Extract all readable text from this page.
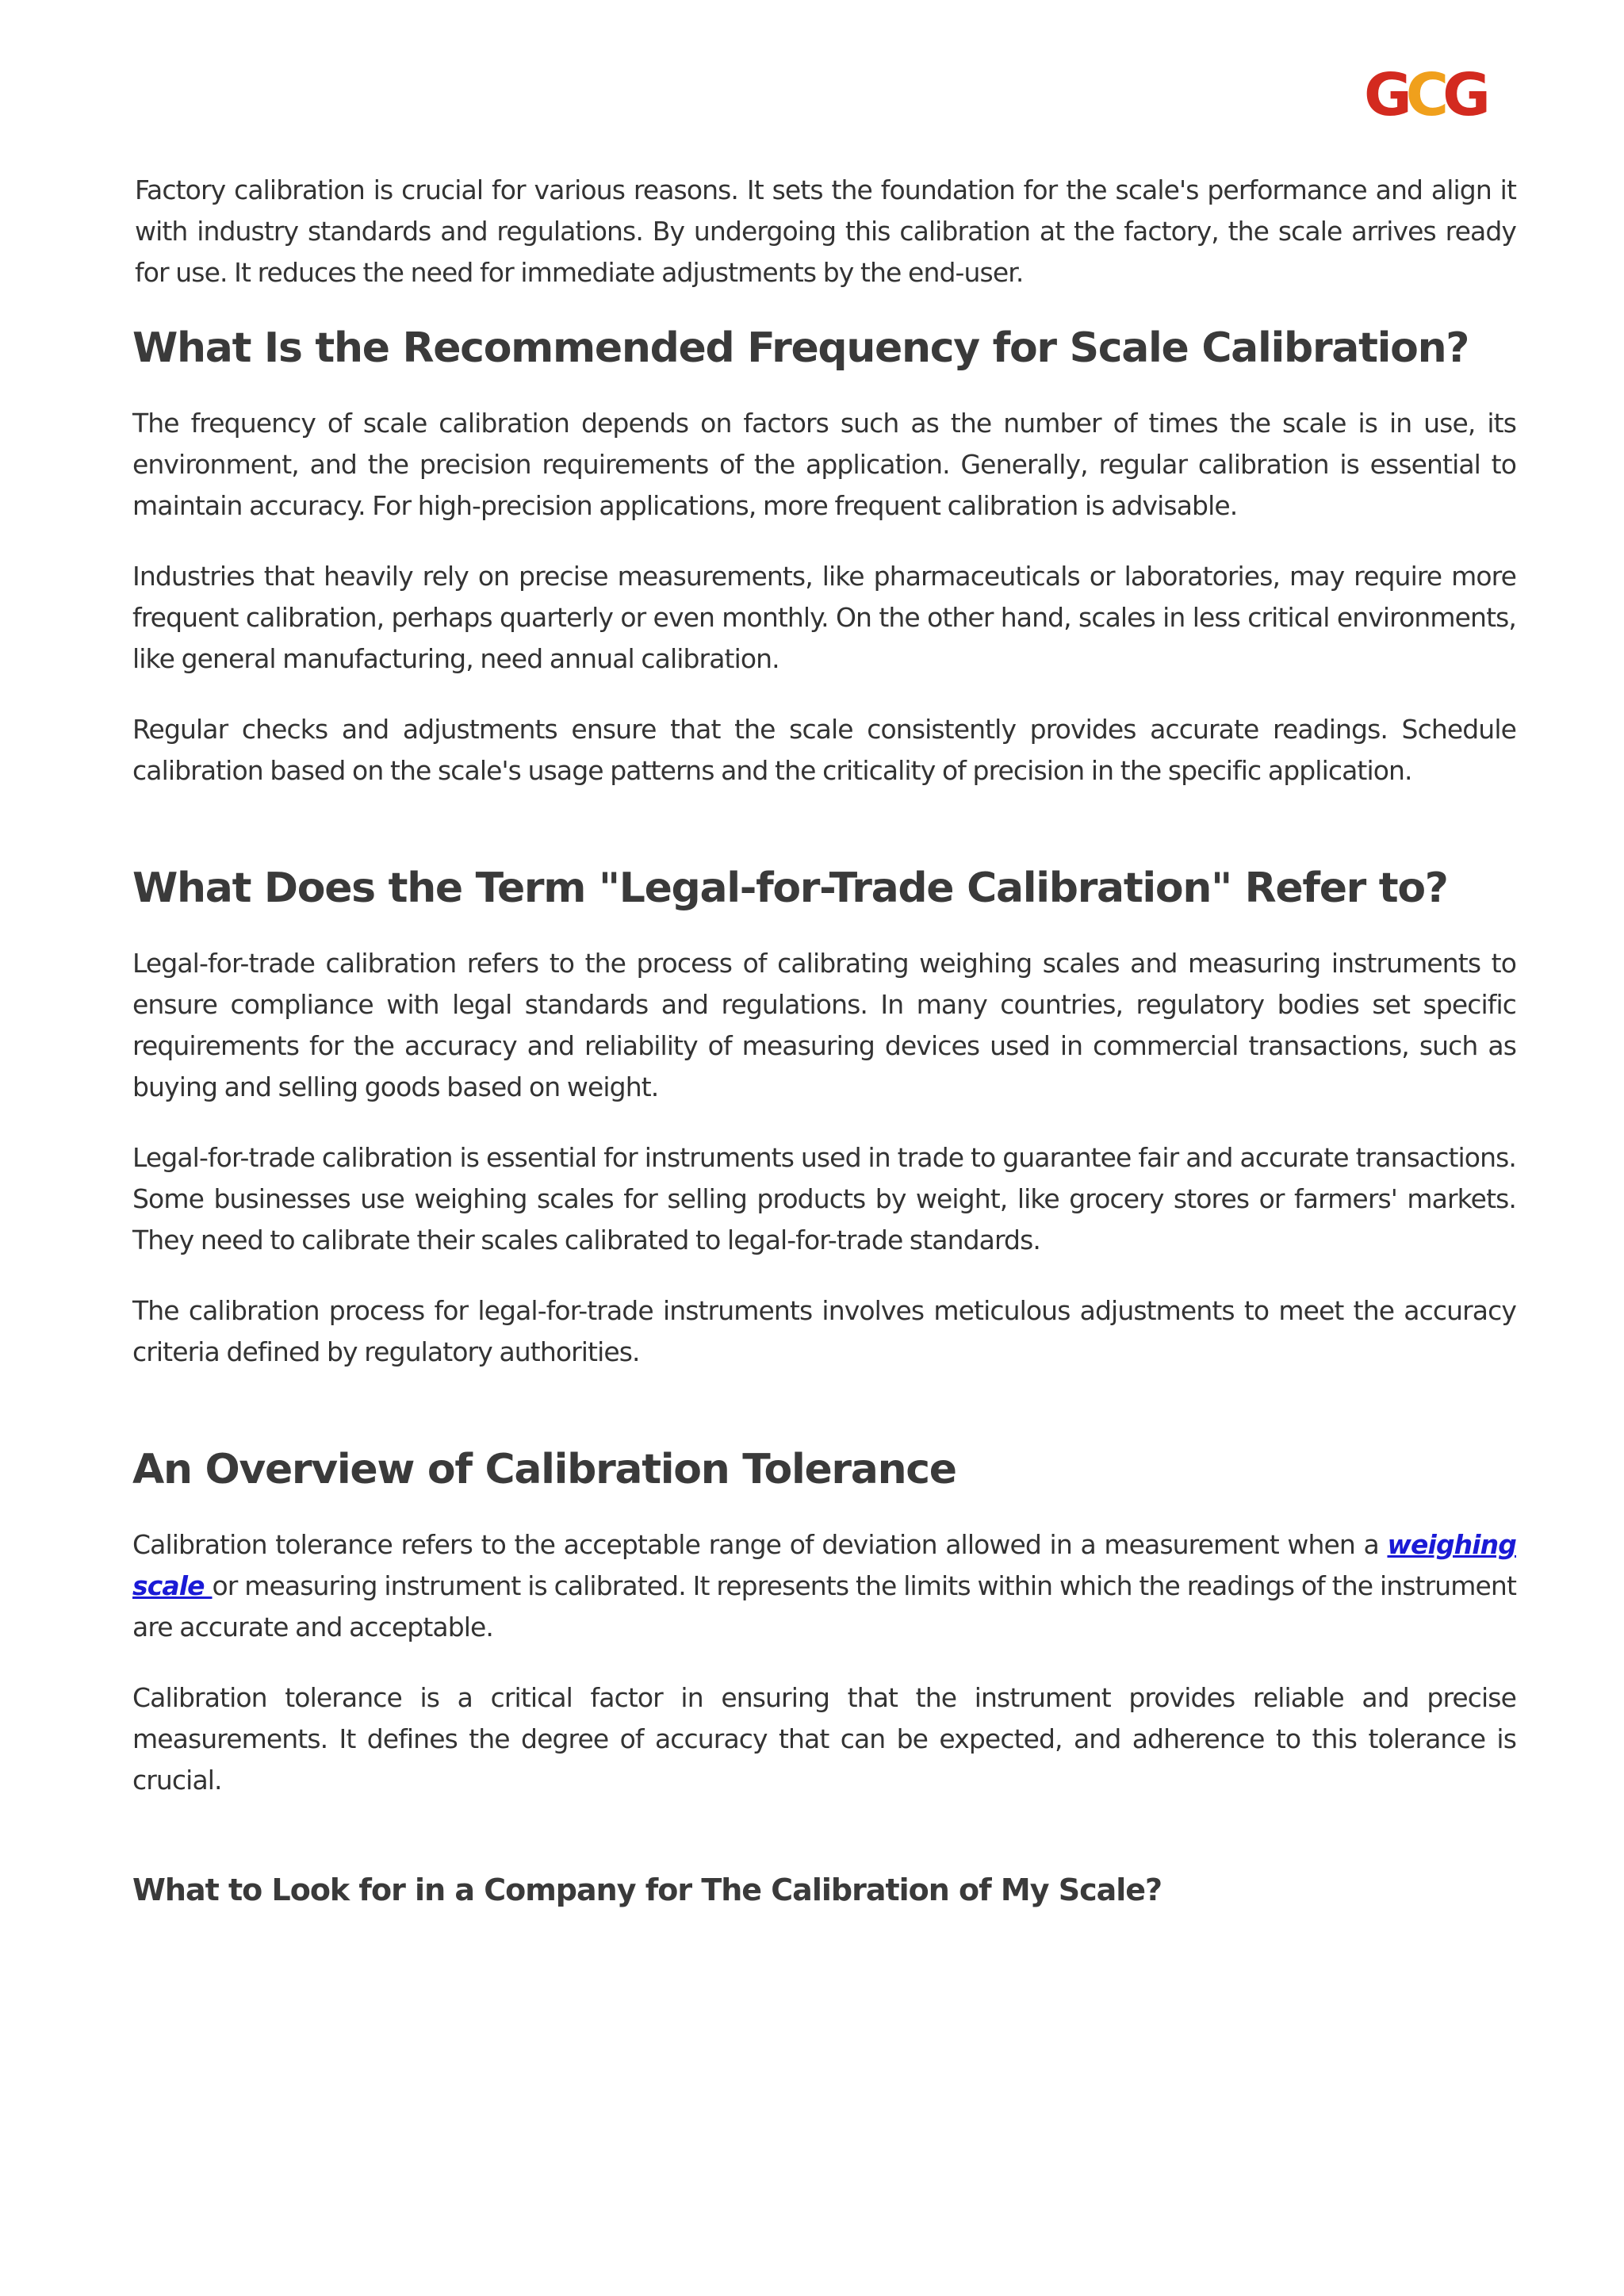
G
C
G

Factory calibration is crucial for various reasons. It sets the foundation for the scale's performance and align it with industry standards and regulations. By undergoing this calibration at the factory, the scale arrives ready for use. It reduces the need for immediate adjustments by the end-user.

What Is the Recommended Frequency for Scale Calibration?

The frequency of scale calibration depends on factors such as the number of times the scale is in use, its environment, and the precision requirements of the application. Generally, regular calibration is essential to maintain accuracy. For high-precision applications, more frequent calibration is advisable.

Industries that heavily rely on precise measurements, like pharmaceuticals or laboratories, may require more frequent calibration, perhaps quarterly or even monthly. On the other hand, scales in less critical environments, like general manufacturing, need annual calibration.

Regular checks and adjustments ensure that the scale consistently provides accurate readings. Schedule calibration based on the scale's usage patterns and the criticality of precision in the specific application.

What Does the Term "Legal-for-Trade Calibration" Refer to?

Legal-for-trade calibration refers to the process of calibrating weighing scales and measuring instruments to ensure compliance with legal standards and regulations. In many countries, regulatory bodies set specific requirements for the accuracy and reliability of measuring devices used in commercial transactions, such as buying and selling goods based on weight.

Legal-for-trade calibration is essential for instruments used in trade to guarantee fair and accurate transactions. Some businesses use weighing scales for selling products by weight, like grocery stores or farmers' markets. They need to calibrate their scales calibrated to legal-for-trade standards.

The calibration process for legal-for-trade instruments involves meticulous adjustments to meet the accuracy criteria defined by regulatory authorities.

An Overview of Calibration Tolerance

Calibration tolerance refers to the acceptable range of deviation allowed in a measurement when a weighing scale or measuring instrument is calibrated. It represents the limits within which the readings of the instrument are accurate and acceptable.

Calibration tolerance is a critical factor in ensuring that the instrument provides reliable and precise measurements. It defines the degree of accuracy that can be expected, and adherence to this tolerance is crucial.

What to Look for in a Company for The Calibration of My Scale?
